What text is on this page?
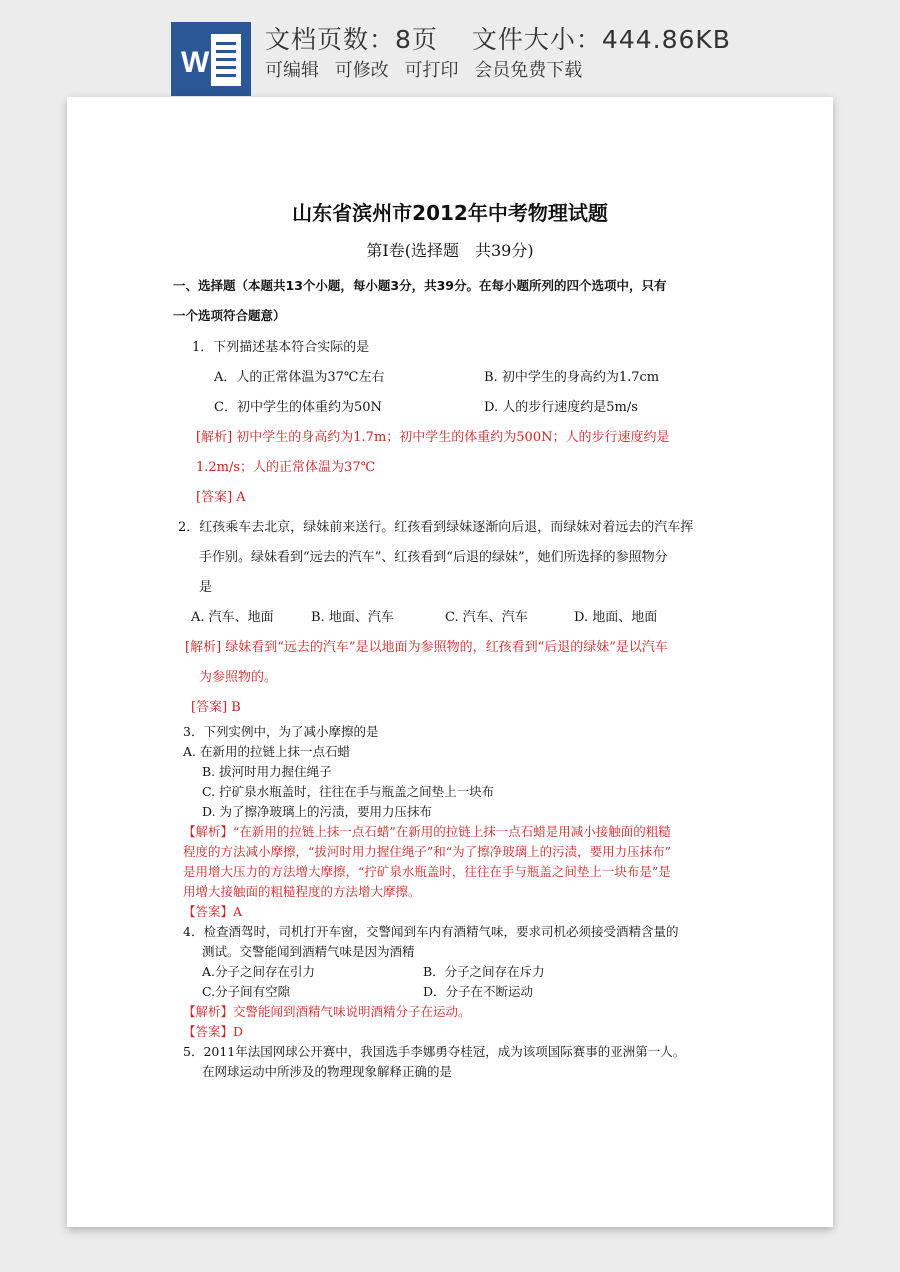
W
文档页数：8页 文件大小：444.86KB
可编辑 可修改 可打印 会员免费下载
山东省滨州市2012年中考物理试题
第Ⅰ卷(选择题　共39分)
一、选择题（本题共13个小题，每小题3分，共39分。在每小题所列的四个选项中，只有
一个选项符合题意）
1．下列描述基本符合实际的是
A．人的正常体温为37℃左右	B. 初中学生的身高约为1.7cm
C．初中学生的体重约为50N	D. 人的步行速度约是5m/s
[解析] 初中学生的身高约为1.7m；初中学生的体重约为500N；人的步行速度约是
1.2m/s；人的正常体温为37℃
[答案] A
2．红孩乘车去北京，绿妹前来送行。红孩看到绿妹逐渐向后退，而绿妹对着远去的汽车挥
手作别。绿妹看到“远去的汽车”、红孩看到“后退的绿妹”，她们所选择的参照物分
是
A. 汽车、地面	B. 地面、汽车	C. 汽车、汽车	D. 地面、地面
[解析] 绿妹看到“远去的汽车”是以地面为参照物的，红孩看到“后退的绿妹”是以汽车
为参照物的。
[答案] B
3．下列实例中，为了减小摩擦的是
A. 在新用的拉链上抹一点石蜡
B. 拔河时用力握住绳子
C. 拧矿泉水瓶盖时，往往在手与瓶盖之间垫上一块布
D. 为了擦净玻璃上的污渍，要用力压抹布
【解析】“在新用的拉链上抹一点石蜡”在新用的拉链上抹一点石蜡是用减小接触面的粗糙
程度的方法减小摩擦，“拔河时用力握住绳子”和“为了擦净玻璃上的污渍，要用力压抹布”
是用增大压力的方法增大摩擦，“拧矿泉水瓶盖时，往往在手与瓶盖之间垫上一块布是”是
用增大接触面的粗糙程度的方法增大摩擦。
【答案】A
4．检查酒驾时，司机打开车窗，交警闻到车内有酒精气味，要求司机必须接受酒精含量的
测试。交警能闻到酒精气味是因为酒精
A.分子之间存在引力	B．分子之间存在斥力
C.分子间有空隙	D．分子在不断运动
【解析】交警能闻到酒精气味说明酒精分子在运动。
【答案】D
5．2011年法国网球公开赛中，我国选手李娜勇夺桂冠，成为该项国际赛事的亚洲第一人。
在网球运动中所涉及的物理现象解释正确的是
